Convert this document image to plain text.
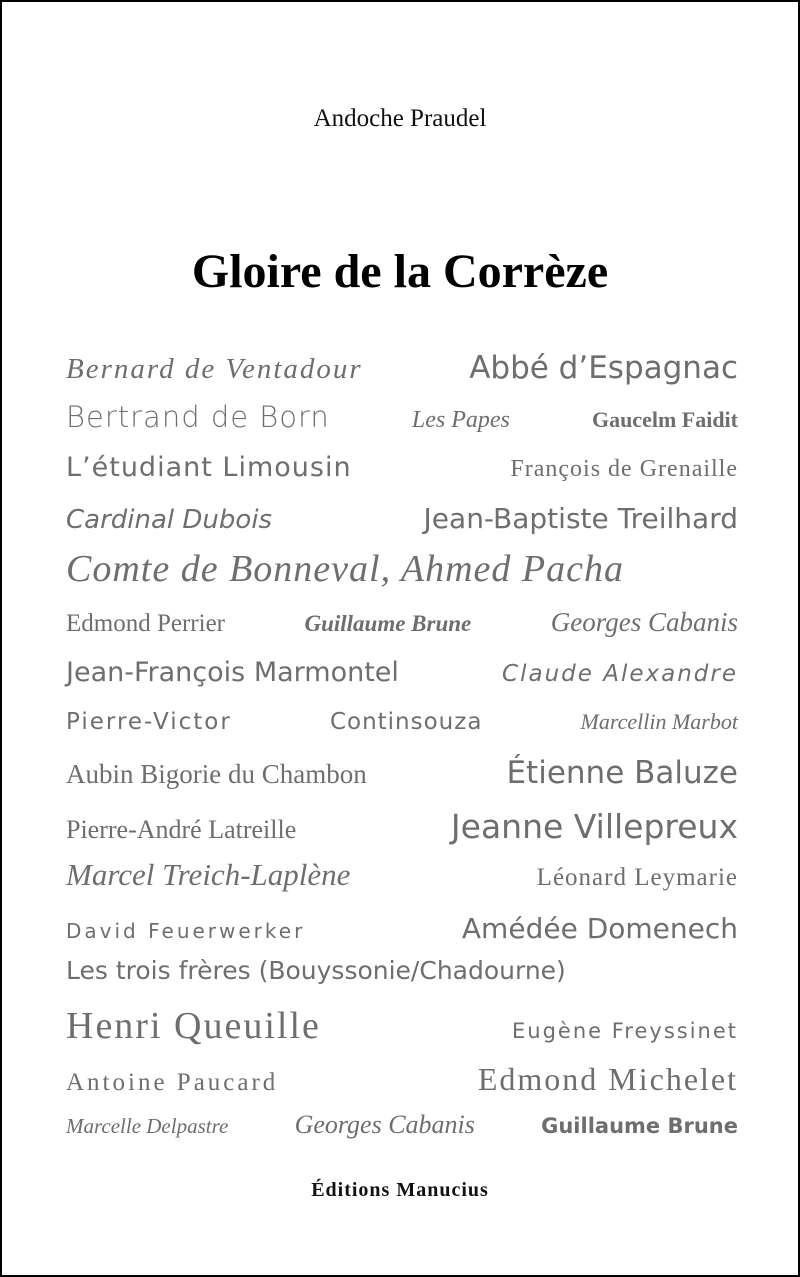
Andoche Praudel
Gloire de la Corrèze
Bernard de Ventadour	Abbé d’Espagnac
Bertrand de Born	Les Papes	Gaucelm Faidit
L’étudiant Limousin	François de Grenaille
Cardinal Dubois	Jean-Baptiste Treilhard
Comte de Bonneval, Ahmed Pacha
Edmond Perrier	Guillaume Brune	Georges Cabanis
Jean-François Marmontel	Claude Alexandre
Pierre-Victor	Continsouza	Marcellin Marbot
Aubin Bigorie du Chambon	Étienne Baluze
Pierre-André Latreille	Jeanne Villepreux
Marcel Treich-Laplène	Léonard Leymarie
David Feuerwerker	Amédée Domenech
Les trois frères (Bouyssonie/Chadourne)
Henri Queuille	Eugène Freyssinet
Antoine Paucard	Edmond Michelet
Marcelle Delpastre	Georges Cabanis	Guillaume Brune
Éditions Manucius
